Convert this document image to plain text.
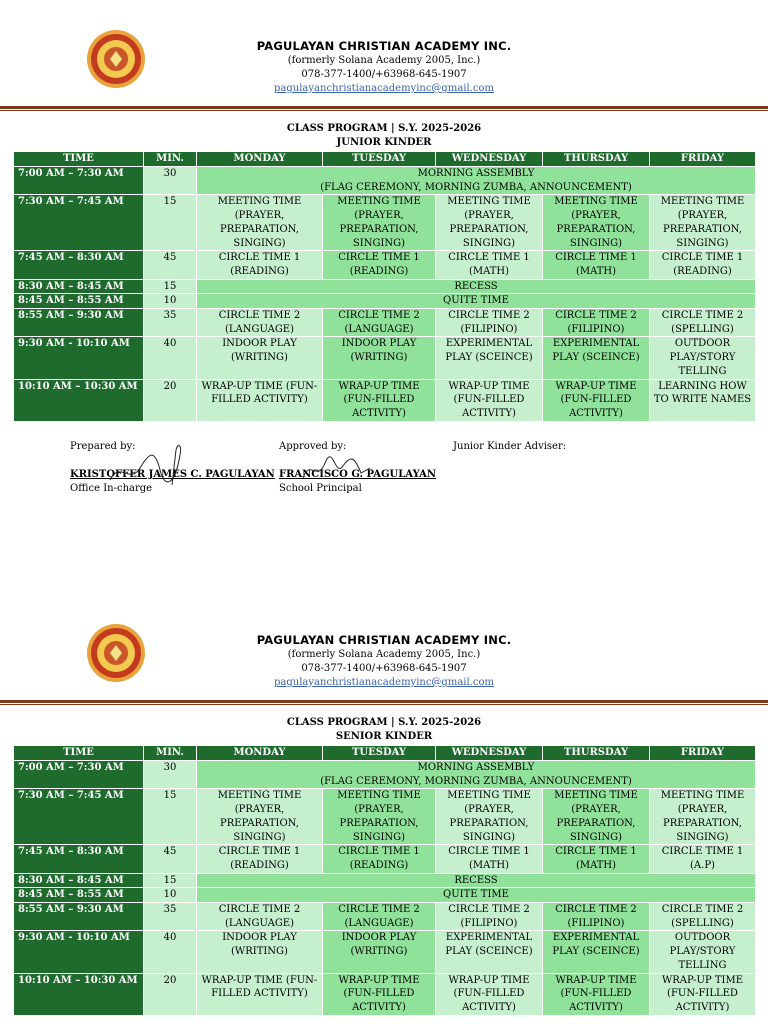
PAGULAYAN CHRISTIAN ACADEMY INC.
(formerly Solana Academy 2005, Inc.)
078-377-1400/+63968-645-1907
pagulayanchristianacademyinc@gmail.com
CLASS PROGRAM | S.Y. 2025-2026
JUNIOR KINDER
TIME	MIN.	MONDAY	TUESDAY	WEDNESDAY	THURSDAY	FRIDAY
7:00 AM – 7:30 AM	30	MORNING ASSEMBLY
(FLAG CEREMONY, MORNING ZUMBA, ANNOUNCEMENT)				
7:30 AM – 7:45 AM	15	MEETING TIME (PRAYER, PREPARATION, SINGING)	MEETING TIME (PRAYER, PREPARATION, SINGING)	MEETING TIME (PRAYER, PREPARATION, SINGING)	MEETING TIME (PRAYER, PREPARATION, SINGING)	MEETING TIME (PRAYER, PREPARATION, SINGING)
7:45 AM – 8:30 AM	45	CIRCLE TIME 1 (READING)	CIRCLE TIME 1 (READING)	CIRCLE TIME 1 (MATH)	CIRCLE TIME 1 (MATH)	CIRCLE TIME 1 (READING)
8:30 AM – 8:45 AM	15	RECESS				
8:45 AM – 8:55 AM	10	QUITE TIME				
8:55 AM – 9:30 AM	35	CIRCLE TIME 2 (LANGUAGE)	CIRCLE TIME 2 (LANGUAGE)	CIRCLE TIME 2 (FILIPINO)	CIRCLE TIME 2 (FILIPINO)	CIRCLE TIME 2 (SPELLING)
9:30 AM - 10:10 AM	40	INDOOR PLAY (WRITING)	INDOOR PLAY (WRITING)	EXPERIMENTAL PLAY (SCEINCE)	EXPERIMENTAL PLAY (SCEINCE)	OUTDOOR PLAY/STORY TELLING
10:10 AM – 10:30 AM	20	WRAP-UP TIME (FUN-FILLED ACTIVITY)	WRAP-UP TIME (FUN-FILLED ACTIVITY)	WRAP-UP TIME (FUN-FILLED ACTIVITY)	WRAP-UP TIME (FUN-FILLED ACTIVITY)	LEARNING HOW TO WRITE NAMES
Prepared by:
KRISTOFFER JAMES C. PAGULAYAN
Office In-charge
Approved by:
FRANCISCO G. PAGULAYAN
School Principal
Junior Kinder Adviser:
PAGULAYAN CHRISTIAN ACADEMY INC.
(formerly Solana Academy 2005, Inc.)
078-377-1400/+63968-645-1907
pagulayanchristianacademyinc@gmail.com
CLASS PROGRAM | S.Y. 2025-2026
SENIOR KINDER
TIME	MIN.	MONDAY	TUESDAY	WEDNESDAY	THURSDAY	FRIDAY
7:00 AM – 7:30 AM	30	MORNING ASSEMBLY
(FLAG CEREMONY, MORNING ZUMBA, ANNOUNCEMENT)				
7:30 AM – 7:45 AM	15	MEETING TIME (PRAYER, PREPARATION, SINGING)	MEETING TIME (PRAYER, PREPARATION, SINGING)	MEETING TIME (PRAYER, PREPARATION, SINGING)	MEETING TIME (PRAYER, PREPARATION, SINGING)	MEETING TIME (PRAYER, PREPARATION, SINGING)
7:45 AM – 8:30 AM	45	CIRCLE TIME 1 (READING)	CIRCLE TIME 1 (READING)	CIRCLE TIME 1 (MATH)	CIRCLE TIME 1 (MATH)	CIRCLE TIME 1 (A.P)
8:30 AM – 8:45 AM	15	RECESS				
8:45 AM – 8:55 AM	10	QUITE TIME				
8:55 AM – 9:30 AM	35	CIRCLE TIME 2 (LANGUAGE)	CIRCLE TIME 2 (LANGUAGE)	CIRCLE TIME 2 (FILIPINO)	CIRCLE TIME 2 (FILIPINO)	CIRCLE TIME 2 (SPELLING)
9:30 AM - 10:10 AM	40	INDOOR PLAY (WRITING)	INDOOR PLAY (WRITING)	EXPERIMENTAL PLAY (SCEINCE)	EXPERIMENTAL PLAY (SCEINCE)	OUTDOOR PLAY/STORY TELLING
10:10 AM – 10:30 AM	20	WRAP-UP TIME (FUN-FILLED ACTIVITY)	WRAP-UP TIME (FUN-FILLED ACTIVITY)	WRAP-UP TIME (FUN-FILLED ACTIVITY)	WRAP-UP TIME (FUN-FILLED ACTIVITY)	WRAP-UP TIME (FUN-FILLED ACTIVITY)
